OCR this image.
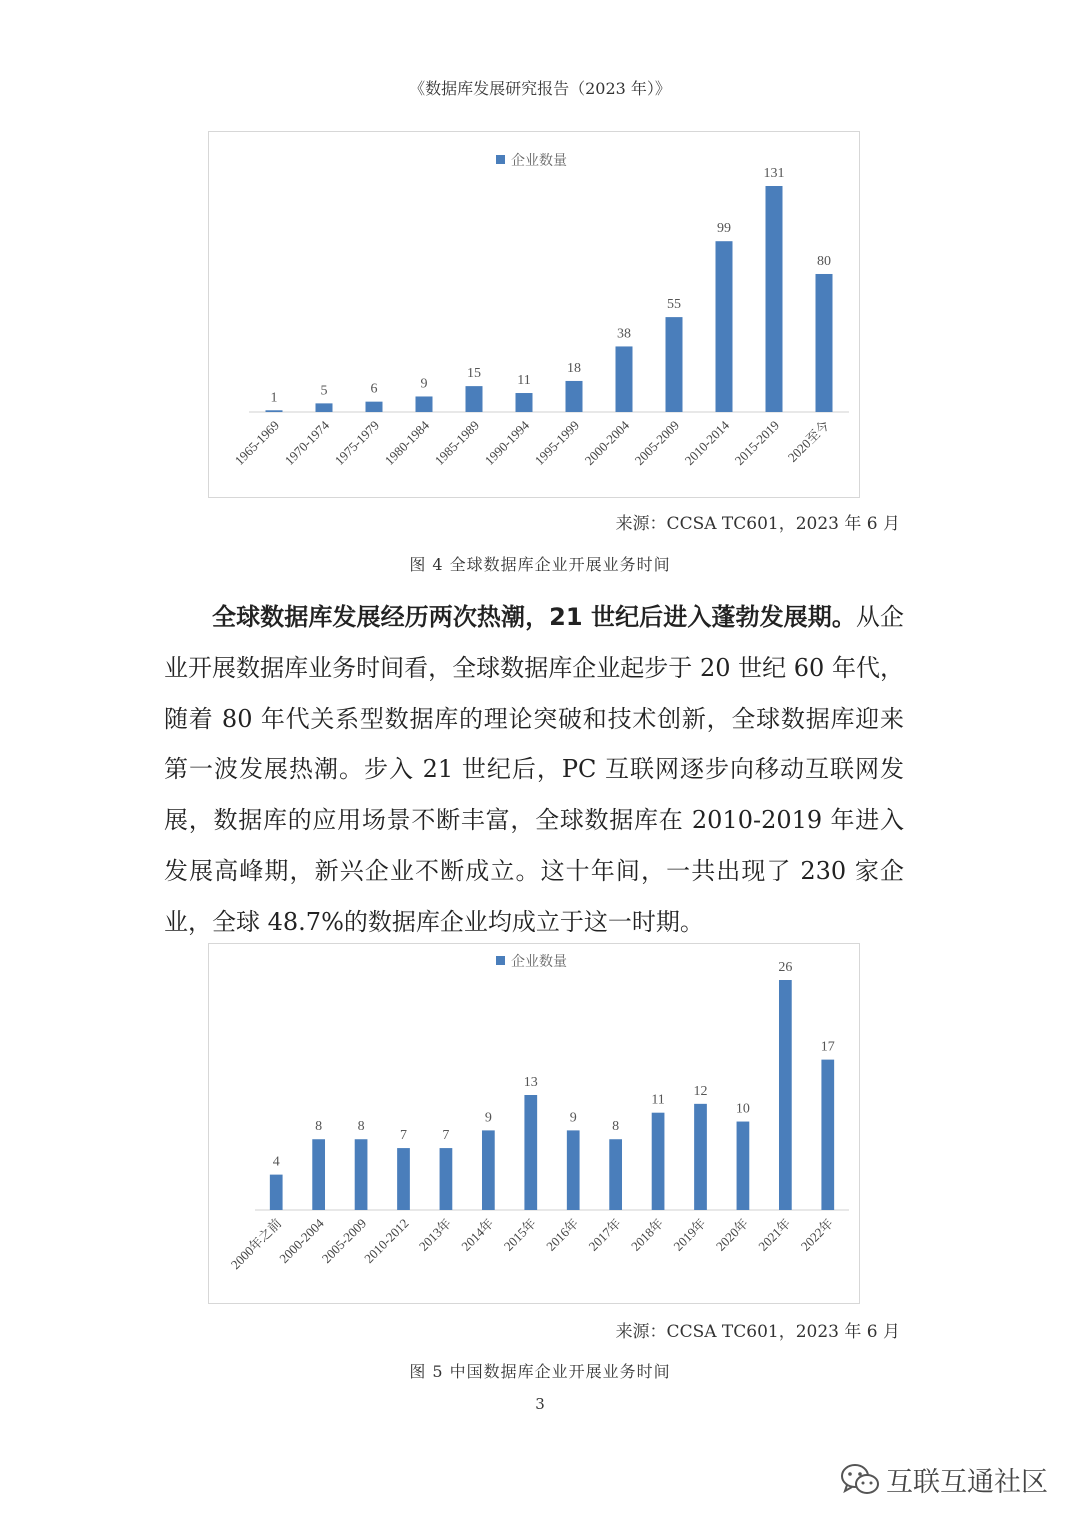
《数据库发展研究报告（2023 年）》
企业数量
1
1965-1969
5
1970-1974
6
1975-1979
9
1980-1984
15
1985-1989
11
1990-1994
18
1995-1999
38
2000-2004
55
2005-2009
99
2010-2014
131
2015-2019
80
2020至今
来源：CCSA TC601，2023 年 6 月
图 4 全球数据库企业开展业务时间

全球数据库发展经历两次热潮，21 世纪后进入蓬勃发展期。从企业开展数据库业务时间看，全球数据库企业起步于 20 世纪 60 年代，随着 80 年代关系型数据库的理论突破和技术创新，全球数据库迎来第一波发展热潮。步入 21 世纪后，PC 互联网逐步向移动互联网发展，数据库的应用场景不断丰富，全球数据库在 2010-2019 年进入发展高峰期，新兴企业不断成立。这十年间，一共出现了 230 家企业，全球 48.7%的数据库企业均成立于这一时期。

企业数量
4
2000年之前
8
2000-2004
8
2005-2009
7
2010-2012
7
2013年
9
2014年
13
2015年
9
2016年
8
2017年
11
2018年
12
2019年
10
2020年
26
2021年
17
2022年
来源：CCSA TC601，2023 年 6 月
图 5 中国数据库企业开展业务时间
3
互联互通社区
